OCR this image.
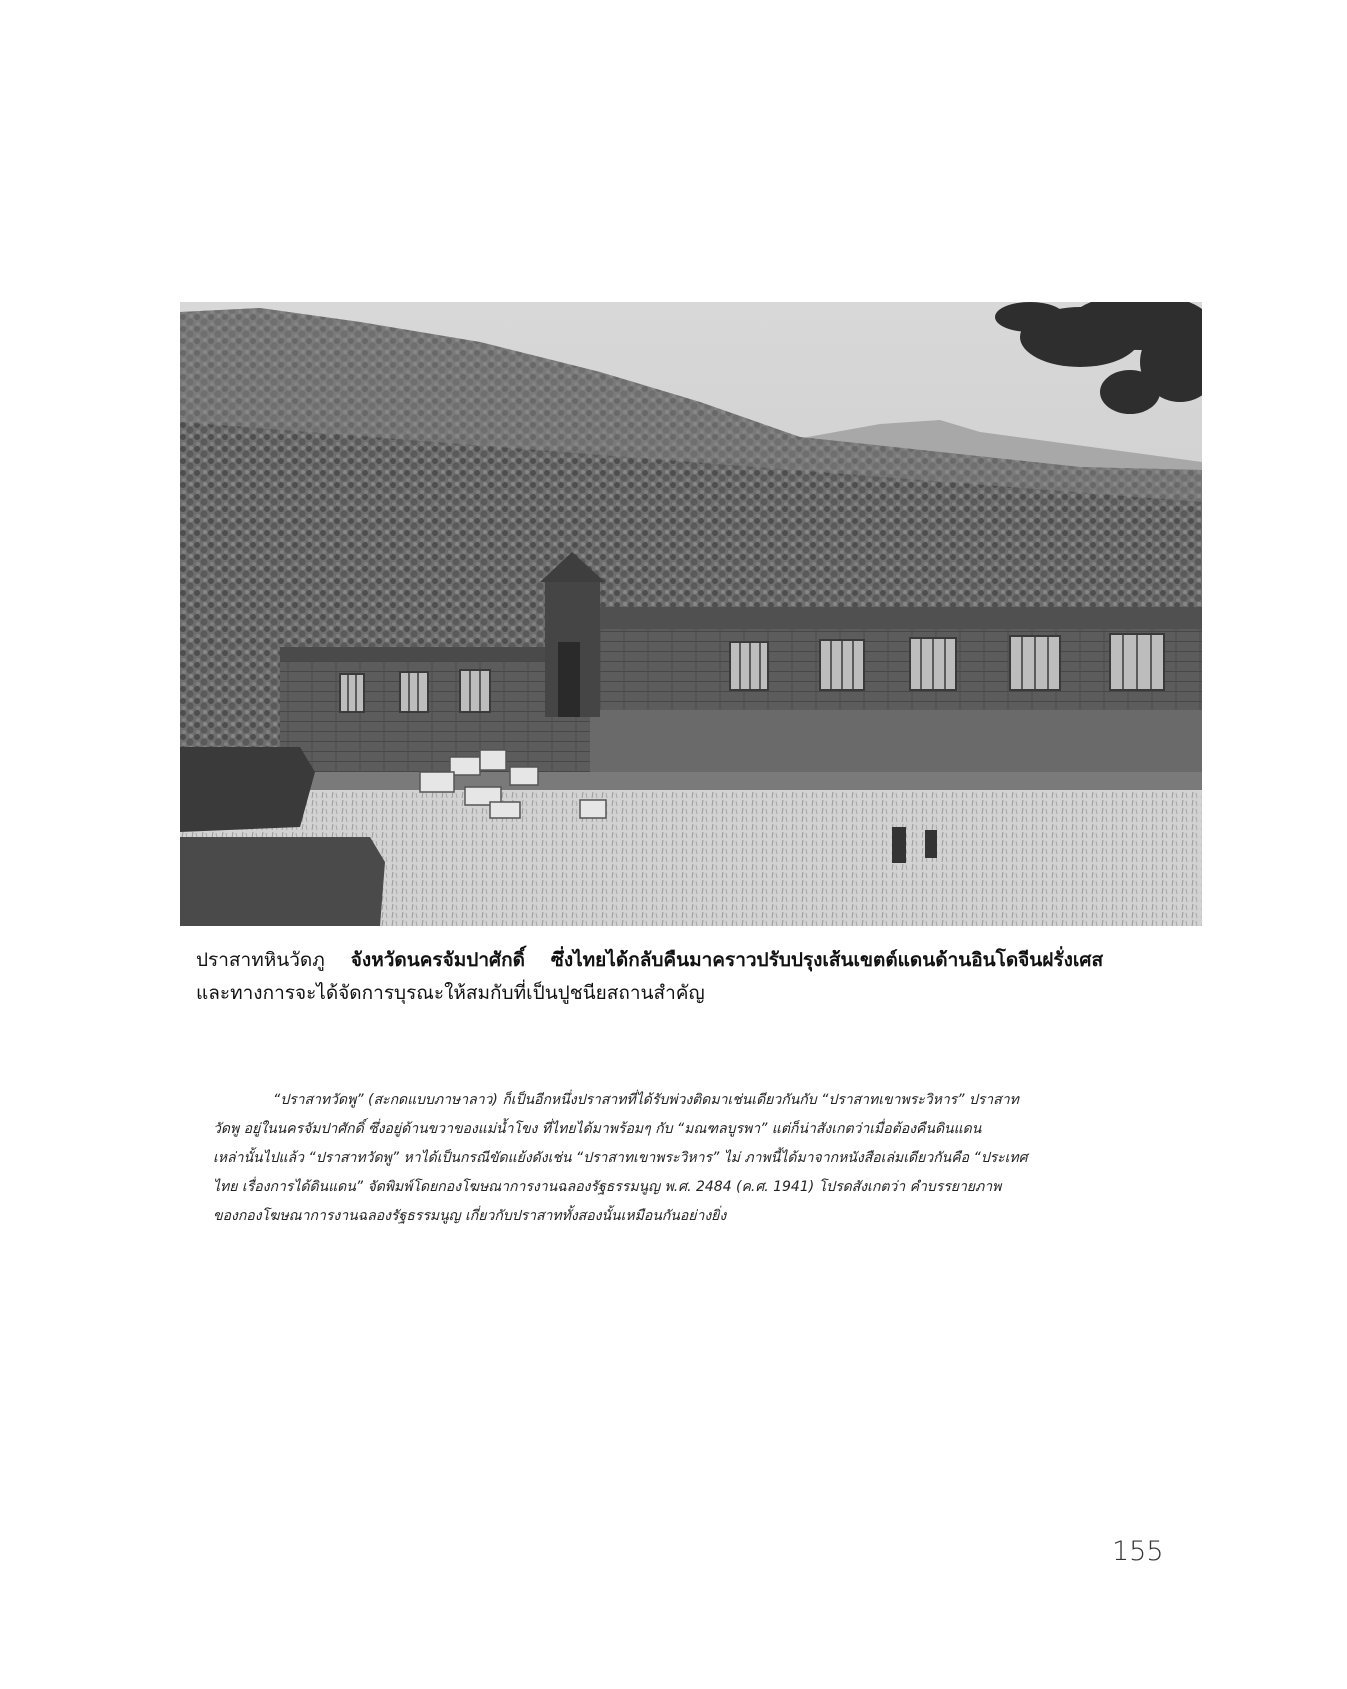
ปราสาทหินวัดภู จังหวัดนครจัมปาศักดิ์ ซึ่งไทยได้กลับคืนมาคราวปรับปรุงเส้นเขตต์แดนด้านอินโดจีนฝรั่งเศส

และทางการจะได้จัดการบุรณะให้สมกับที่เป็นปูชนียสถานสำคัญ

“ปราสาทวัดพู” (สะกดแบบภาษาลาว) ก็เป็นอีกหนึ่งปราสาทที่ได้รับพ่วงติดมาเช่นเดียวกันกับ “ปราสาทเขาพระวิหาร” ปราสาท

วัดพู อยู่ในนครจัมปาศักดิ์ ซึ่งอยู่ด้านขวาของแม่น้ำโขง ที่ไทยได้มาพร้อมๆ กับ “มณฑลบูรพา” แต่ก็น่าสังเกตว่าเมื่อต้องคืนดินแดน

เหล่านั้นไปแล้ว “ปราสาทวัดพู” หาได้เป็นกรณีขัดแย้งดังเช่น “ปราสาทเขาพระวิหาร” ไม่ ภาพนี้ได้มาจากหนังสือเล่มเดียวกันคือ “ประเทศ

ไทย เรื่องการได้ดินแดน” จัดพิมพ์โดยกองโฆษณาการงานฉลองรัฐธรรมนูญ พ.ศ. 2484 (ค.ศ. 1941) โปรดสังเกตว่า คำบรรยายภาพ

ของกองโฆษณาการงานฉลองรัฐธรรมนูญ เกี่ยวกับปราสาททั้งสองนั้นเหมือนกันอย่างยิ่ง

155
